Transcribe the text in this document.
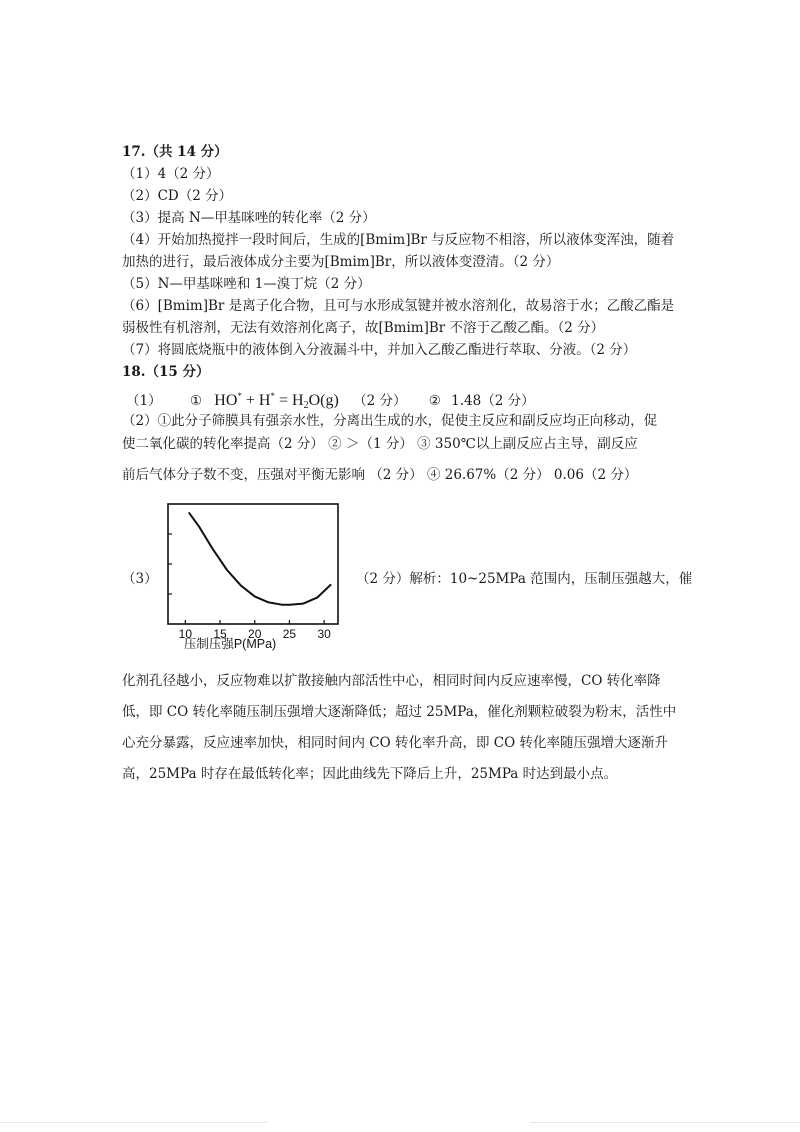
17.（共 14 分）
（1）4（2 分）
（2）CD（2 分）
（3）提高 N—甲基咪唑的转化率（2 分）
（4）开始加热搅拌一段时间后，生成的[Bmim]Br 与反应物不相溶，所以液体变浑浊，随着
加热的进行，最后液体成分主要为[Bmim]Br，所以液体变澄清。（2 分）
（5）N—甲基咪唑和 1—溴丁烷（2 分）
（6）[Bmim]Br 是离子化合物，且可与水形成氢键并被水溶剂化，故易溶于水；乙酸乙酯是
弱极性有机溶剂，无法有效溶剂化离子，故[Bmim]Br 不溶于乙酸乙酯。（2 分）
（7）将圆底烧瓶中的液体倒入分液漏斗中，并加入乙酸乙酯进行萃取、分液。（2 分）
18.（15 分）
（1） ① $HO^* + H^* = H_2O(g)$ （2 分） ② 1.48（2 分）
（2）①此分子筛膜具有强亲水性，分离出生成的水，促使主反应和副反应均正向移动，促
使二氧化碳的转化率提高（2 分） ② ＞（1 分） ③ 350℃以上副反应占主导，副反应
前后气体分子数不变，压强对平衡无影响 （2 分） ④ 26.67%（2 分） 0.06（2 分）
（3）
10 15 20 25 30
压制压强P(MPa)
（2 分）解析：10~25MPa 范围内，压制压强越大，催
化剂孔径越小，反应物难以扩散接触内部活性中心，相同时间内反应速率慢，CO 转化率降
低，即 CO 转化率随压制压强增大逐渐降低；超过 25MPa，催化剂颗粒破裂为粉末，活性中
心充分暴露，反应速率加快，相同时间内 CO 转化率升高，即 CO 转化率随压强增大逐渐升
高，25MPa 时存在最低转化率；因此曲线先下降后上升，25MPa 时达到最小点。
